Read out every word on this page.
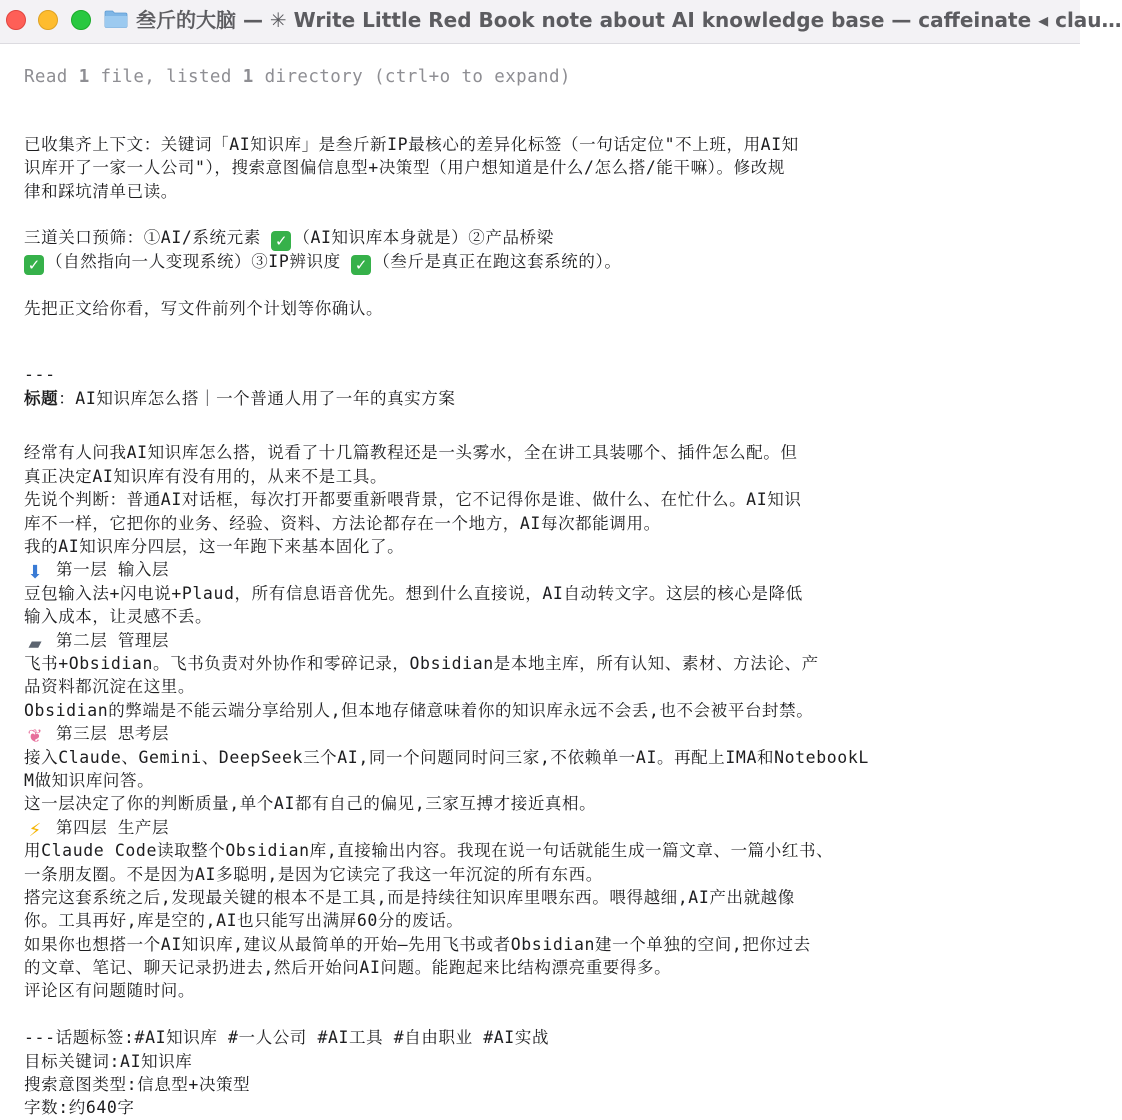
叁斤的大脑 — ✳ Write Little Red Book note about AI knowledge base — caffeinate ◂ clau…
Read 1 file, listed 1 directory (ctrl+o to expand)
已收集齐上下文：关键词「AI知识库」是叁斤新IP最核心的差异化标签（一句话定位"不上班，用AI知
识库开了一家一人公司"），搜索意图偏信息型+决策型（用户想知道是什么/怎么搭/能干嘛）。修改规
律和踩坑清单已读。
三道关口预筛：①AI/系统元素 ✓ （AI知识库本身就是）②产品桥梁
✓ （自然指向一人变现系统）③IP辨识度 ✓ （叁斤是真正在跑这套系统的）。
先把正文给你看，写文件前列个计划等你确认。
---
标题：AI知识库怎么搭｜一个普通人用了一年的真实方案
经常有人问我AI知识库怎么搭，说看了十几篇教程还是一头雾水，全在讲工具装哪个、插件怎么配。但
真正决定AI知识库有没有用的，从来不是工具。
先说个判断：普通AI对话框，每次打开都要重新喂背景，它不记得你是谁、做什么、在忙什么。AI知识
库不一样，它把你的业务、经验、资料、方法论都存在一个地方，AI每次都能调用。
我的AI知识库分四层，这一年跑下来基本固化了。
⬇ 第一层 输入层
豆包输入法+闪电说+Plaud，所有信息语音优先。想到什么直接说，AI自动转文字。这层的核心是降低
输入成本，让灵感不丢。
▰ 第二层 管理层
飞书+Obsidian。飞书负责对外协作和零碎记录，Obsidian是本地主库，所有认知、素材、方法论、产
品资料都沉淀在这里。
Obsidian的弊端是不能云端分享给别人,但本地存储意味着你的知识库永远不会丢,也不会被平台封禁。
❦ 第三层 思考层
接入Claude、Gemini、DeepSeek三个AI,同一个问题同时问三家,不依赖单一AI。再配上IMA和NotebookL
M做知识库问答。
这一层决定了你的判断质量,单个AI都有自己的偏见,三家互搏才接近真相。
⚡ 第四层 生产层
用Claude Code读取整个Obsidian库,直接输出内容。我现在说一句话就能生成一篇文章、一篇小红书、
一条朋友圈。不是因为AI多聪明,是因为它读完了我这一年沉淀的所有东西。
搭完这套系统之后,发现最关键的根本不是工具,而是持续往知识库里喂东西。喂得越细,AI产出就越像
你。工具再好,库是空的,AI也只能写出满屏60分的废话。
如果你也想搭一个AI知识库,建议从最简单的开始—先用飞书或者Obsidian建一个单独的空间,把你过去
的文章、笔记、聊天记录扔进去,然后开始问AI问题。能跑起来比结构漂亮重要得多。
评论区有问题随时问。
---话题标签:#AI知识库 #一人公司 #AI工具 #自由职业 #AI实战
目标关键词:AI知识库
搜索意图类型:信息型+决策型
字数:约640字
